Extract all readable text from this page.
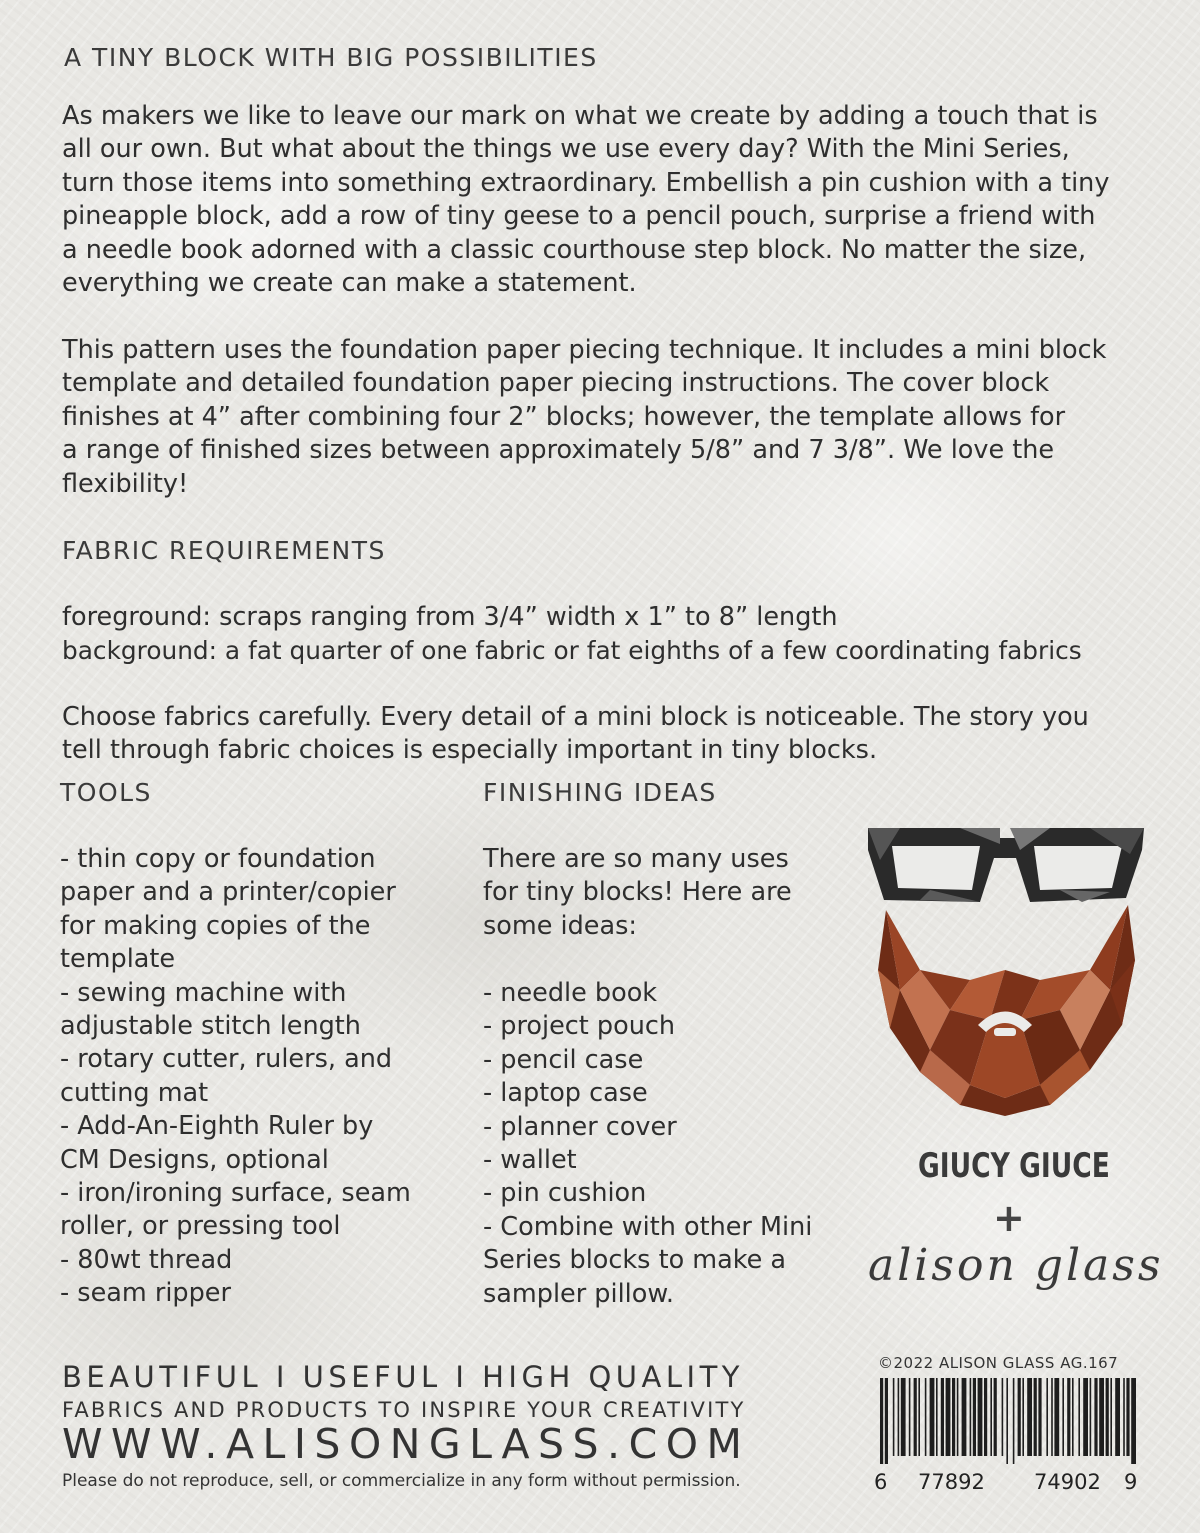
A TINY BLOCK WITH BIG POSSIBILITIES
As makers we like to leave our mark on what we create by adding a touch that is
all our own. But what about the things we use every day? With the Mini Series,
turn those items into something extraordinary. Embellish a pin cushion with a tiny
pineapple block, add a row of tiny geese to a pencil pouch, surprise a friend with
a needle book adorned with a classic courthouse step block. No matter the size,
everything we create can make a statement.
This pattern uses the foundation paper piecing technique. It includes a mini block
template and detailed foundation paper piecing instructions. The cover block
finishes at 4” after combining four 2” blocks; however, the template allows for
a range of finished sizes between approximately 5/8” and 7 3/8”. We love the
flexibility!
FABRIC REQUIREMENTS
foreground: scraps ranging from 3/4” width x 1” to 8” length
background: a fat quarter of one fabric or fat eighths of a few coordinating fabrics
Choose fabrics carefully. Every detail of a mini block is noticeable. The story you
tell through fabric choices is especially important in tiny blocks.
TOOLS
- thin copy or foundation
paper and a printer/copier
for making copies of the
template
- sewing machine with
adjustable stitch length
- rotary cutter, rulers, and
cutting mat
- Add-An-Eighth Ruler by
CM Designs, optional
- iron/ironing surface, seam
roller, or pressing tool
- 80wt thread
- seam ripper
FINISHING IDEAS
There are so many uses
for tiny blocks! Here are
some ideas:
- needle book
- project pouch
- pencil case
- laptop case
- planner cover
- wallet
- pin cushion
- Combine with other Mini
Series blocks to make a
sampler pillow.
GIUCY GIUCE
+
alison glass
BEAUTIFUL I USEFUL I HIGH QUALITY
FABRICS AND PRODUCTS TO INSPIRE YOUR CREATIVITY
WWW.ALISONGLASS.COM
Please do not reproduce, sell, or commercialize in any form without permission.
©2022 ALISON GLASS AG.167
6 77892 74902 9
